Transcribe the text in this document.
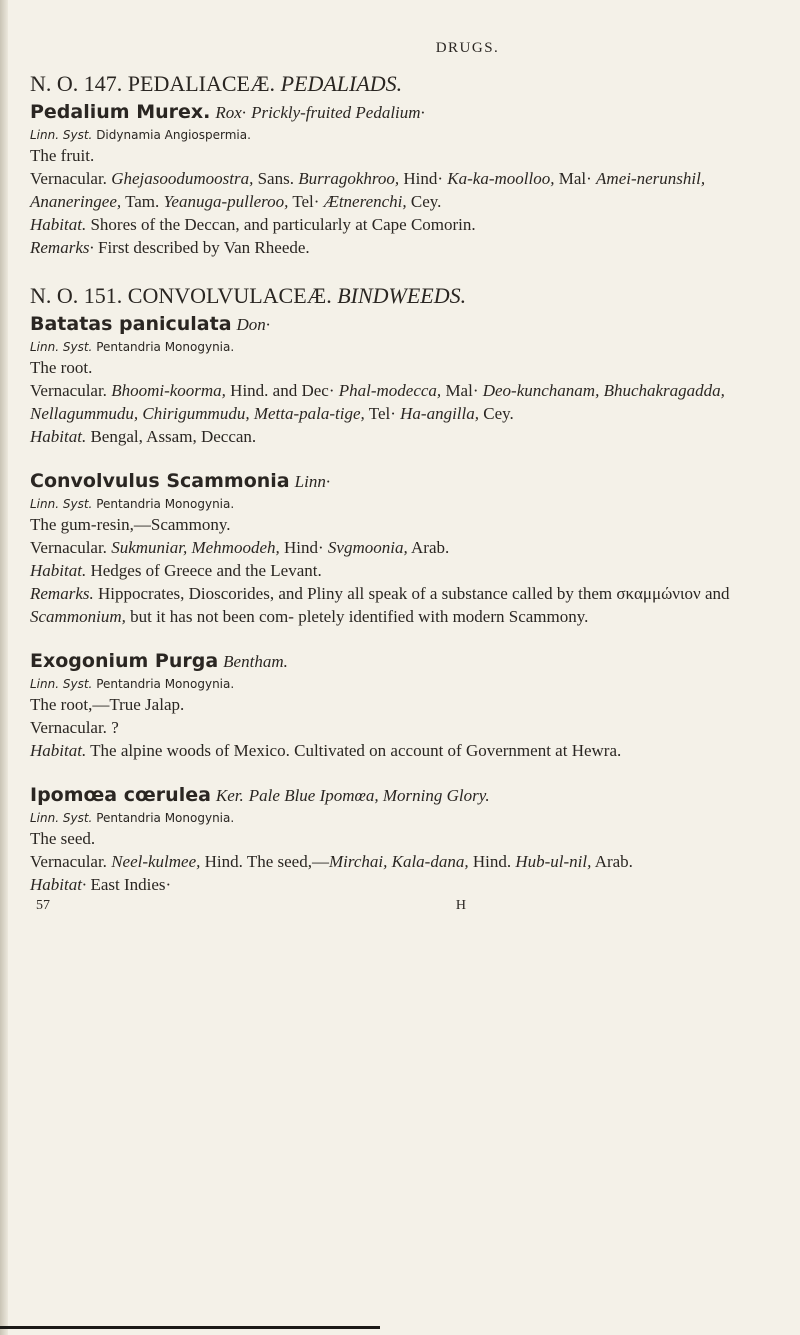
DRUGS.
N. O. 147. PEDALIACEÆ. PEDALIADS.
Pedalium Murex. Rox· Prickly-fruited Pedalium·
Linn. Syst. Didynamia Angiospermia.
The fruit.
Vernacular. Ghejasoodumoostra, Sans. Burragokhroo, Hind· Ka-ka-moolloo, Mal· Amei-nerunshil, Ananeringee, Tam. Yeanuga-pulleroo, Tel· Ætnerenchi, Cey.
Habitat. Shores of the Deccan, and particularly at Cape Comorin.
Remarks· First described by Van Rheede.
N. O. 151. CONVOLVULACEÆ. BINDWEEDS.
Batatas paniculata Don·
Linn. Syst. Pentandria Monogynia.
The root.
Vernacular. Bhoomi-koorma, Hind. and Dec· Phal-modecca, Mal· Deo-kunchanam, Bhuchakragadda, Nellagummudu, Chirigummudu, Metta-pala-tige, Tel· Ha-angilla, Cey.
Habitat. Bengal, Assam, Deccan.
Convolvulus Scammonia Linn·
Linn. Syst. Pentandria Monogynia.
The gum-resin,—Scammony.
Vernacular. Sukmuniar, Mehmoodeh, Hind· Svgmoonia, Arab.
Habitat. Hedges of Greece and the Levant.
Remarks. Hippocrates, Dioscorides, and Pliny all speak of a substance called by them σκαμμώνιον and Scammonium, but it has not been com- pletely identified with modern Scammony.
Exogonium Purga Bentham.
Linn. Syst. Pentandria Monogynia.
The root,—True Jalap.
Vernacular. ?
Habitat. The alpine woods of Mexico. Cultivated on account of Government at Hewra.
Ipomœa cœrulea Ker. Pale Blue Ipomœa, Morning Glory.
Linn. Syst. Pentandria Monogynia.
The seed.
Vernacular. Neel-kulmee, Hind. The seed,—Mirchai, Kala-dana, Hind. Hub-ul-nil, Arab.
Habitat· East Indies·
57	H
